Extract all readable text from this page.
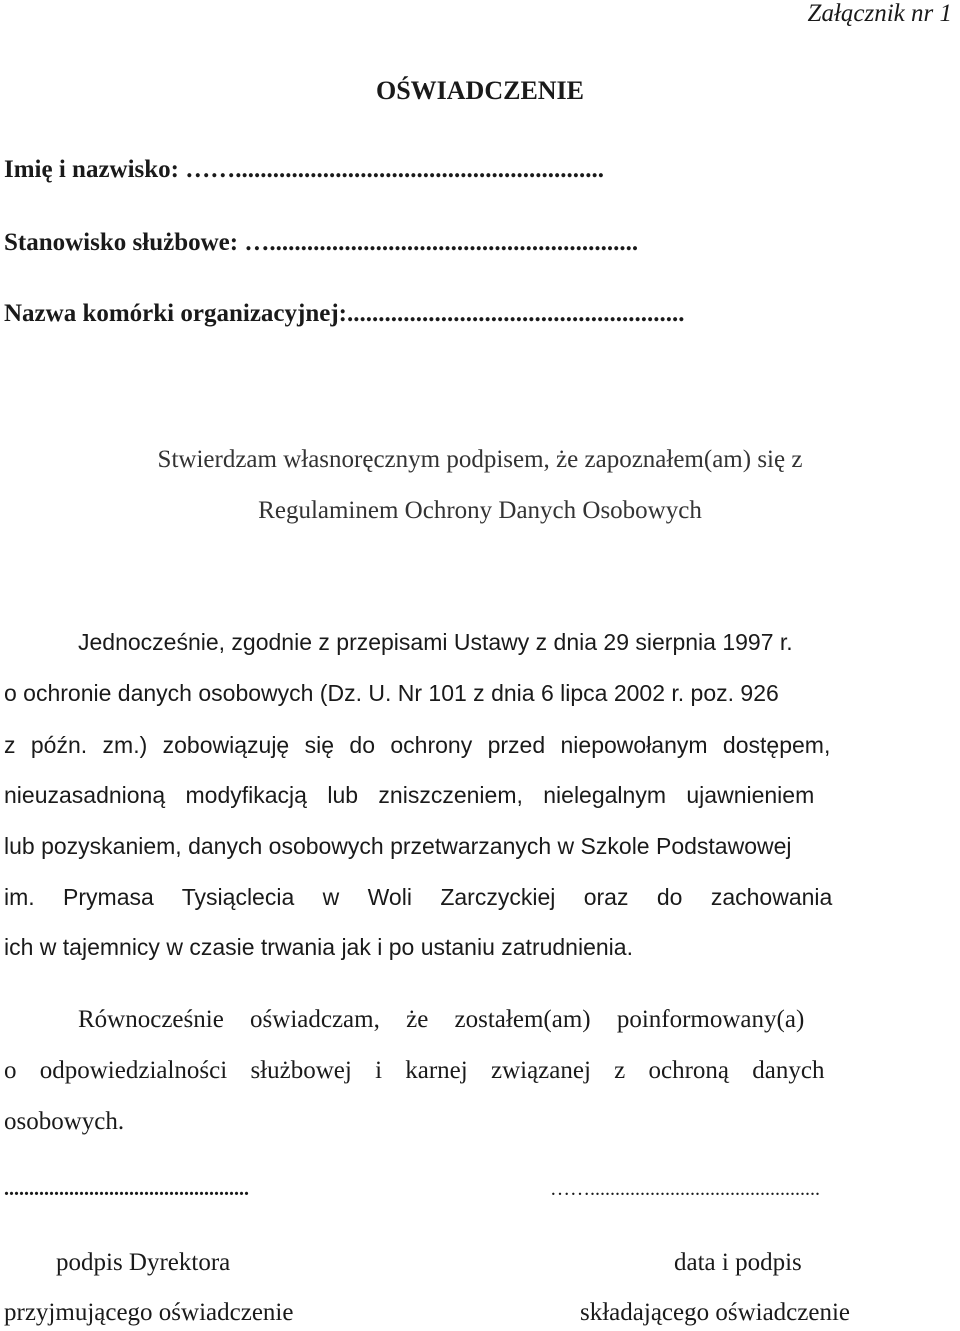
Załącznik nr 1
OŚWIADCZENIE
Imię i nazwisko: ……...........................................................
Stanowisko służbowe: …...........................................................
Nazwa komórki organizacyjnej:......................................................
Stwierdzam własnoręcznym podpisem, że zapoznałem(am) się z
Regulaminem Ochrony Danych Osobowych
Jednocześnie, zgodnie z przepisami Ustawy z dnia 29 sierpnia 1997 r.
o ochronie danych osobowych (Dz. U. Nr 101 z dnia 6 lipca 2002 r. poz. 926
z późn. zm.) zobowiązuję się do ochrony przed niepowołanym dostępem,
nieuzasadnioną modyfikacją lub zniszczeniem, nielegalnym ujawnieniem
lub pozyskaniem, danych osobowych przetwarzanych w Szkole Podstawowej
im. Prymasa Tysiąclecia w Woli Zarczyckiej oraz do zachowania
ich w tajemnicy w czasie trwania jak i po ustaniu zatrudnienia.
Równocześnie oświadczam, że zostałem(am) poinformowany(a)
o odpowiedzialności służbowej i karnej związanej z ochroną danych
osobowych.
.................................................	……..............................................
podpis Dyrektora
przyjmującego oświadczenie
data i podpis
składającego oświadczenie
